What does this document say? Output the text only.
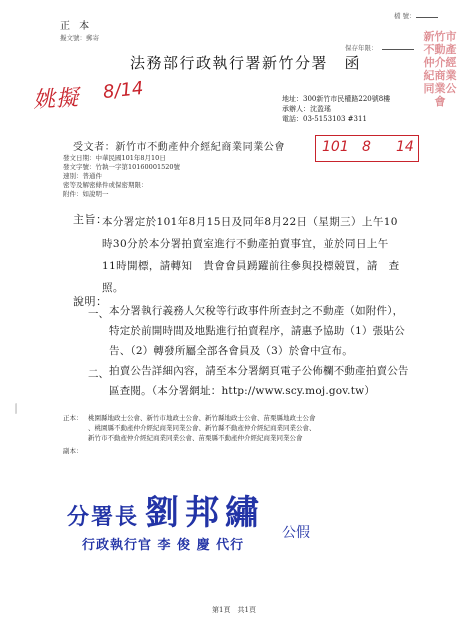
正 本
擬文號：郵寄
檔 號：
保存年限：
新竹市不動產仲介經紀商業同業公會
法務部行政執行署新竹分署　函
姚擬 8/14	地址：300新竹市民權路220號8樓
承辦人：沈盈瑤
電話：03-5153103 #311
101 8 14
受文者：新竹市不動產仲介經紀商業同業公會
發文日期：中華民國101年8月10日
發文字號：竹執一字第10160001520號
速別：普通件
密等及解密條件或保密期限：
附件：如說明一
主旨：
本分署定於101年8月15日及同年8月22日（星期三）上午10時30分於本分署拍賣室進行不動產拍賣事宜，並於同日上午11時開標，請轉知　貴會會員踴躍前往參與投標競買，請　查照。
說明：
一、 本分署執行義務人欠稅等行政事件所查封之不動產（如附件），特定於前開時間及地點進行拍賣程序，請惠予協助（1）張貼公告、（2）轉發所屬全部各會員及（3）於會中宣布。
二、 拍賣公告詳細內容，請至本分署網頁電子公佈欄不動產拍賣公告區查閱。（本分署網址：http://www.scy.moj.gov.tw）
正本： 桃園縣地政士公會、新竹市地政士公會、新竹縣地政士公會、苗栗縣地政士公會
、桃園縣不動產仲介經紀商業同業公會、新竹縣不動產仲介經紀商業同業公會、
新竹市不動產仲介經紀商業同業公會、苗栗縣不動產仲介經紀商業同業公會
副本：
〡
分署長 劉邦繡 公假
行政執行官 李 俊 慶 代行
第1頁　共1頁
